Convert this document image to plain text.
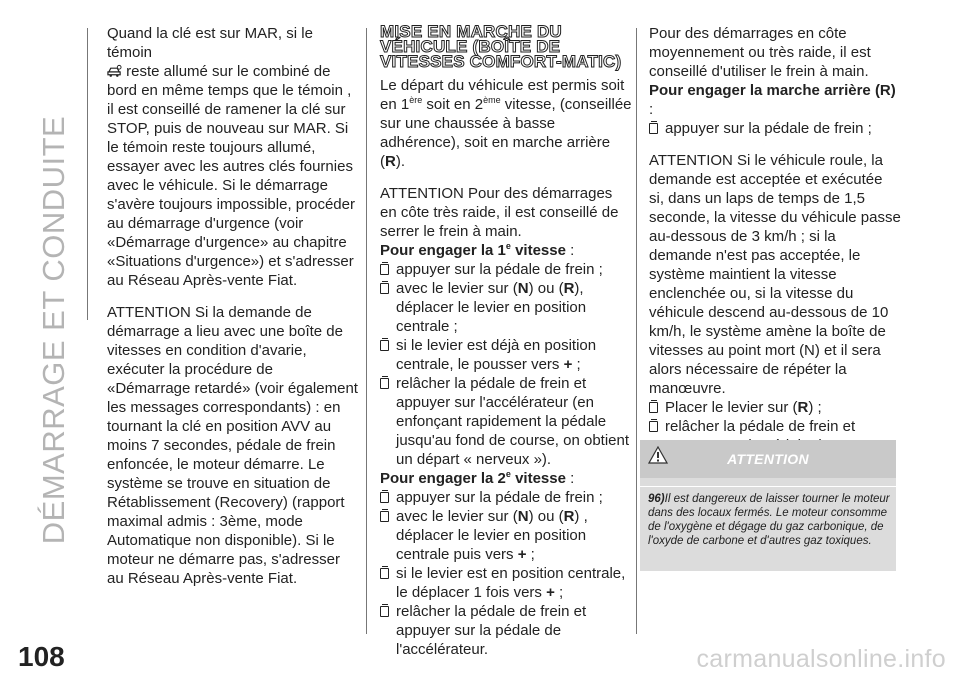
DÉMARRAGE ET CONDUITE
108

Quand la clé est sur MAR, si le témoin
reste allumé sur le combiné de bord en même temps que le témoin , il est conseillé de ramener la clé sur STOP, puis de nouveau sur MAR. Si le témoin reste toujours allumé, essayer avec les autres clés fournies avec le véhicule. Si le démarrage s'avère toujours impossible, procéder au démarrage d'urgence (voir «Démarrage d'urgence» au chapitre «Situations d'urgence») et s'adresser au Réseau Après-vente Fiat.

ATTENTION Si la demande de démarrage a lieu avec une boîte de vitesses en condition d'avarie, exécuter la procédure de «Démarrage retardé» (voir également les messages correspondants) : en tournant la clé en position AVV au moins 7 secondes, pédale de frein enfoncée, le moteur démarre. Le système se trouve en situation de Rétablissement (Recovery) (rapport maximal admis : 3ème, mode Automatique non disponible). Si le moteur ne démarre pas, s'adresser au Réseau Après-vente Fiat.

MISE EN MARCHE DU VÉHICULE (BOÎTE DE VITESSES COMFORT-MATIC)

Le départ du véhicule est permis soit en 1ère soit en 2ème vitesse, (conseillée sur une chaussée à basse adhérence), soit en marche arrière (R).

ATTENTION Pour des démarrages en côte très raide, il est conseillé de serrer le frein à main.

Pour engager la 1e vitesse :

appuyer sur la pédale de frein ;

avec le levier sur (N) ou (R), déplacer le levier en position centrale ;

si le levier est déjà en position centrale, le pousser vers + ;

relâcher la pédale de frein et appuyer sur l'accélérateur (en enfonçant rapidement la pédale jusqu'au fond de course, on obtient un départ « nerveux »).

Pour engager la 2e vitesse :

appuyer sur la pédale de frein ;

avec le levier sur (N) ou (R) , déplacer le levier en position centrale puis vers + ;

si le levier est en position centrale, le déplacer 1 fois vers + ;

relâcher la pédale de frein et appuyer sur la pédale de l'accélérateur.

Pour des démarrages en côte moyennement ou très raide, il est conseillé d'utiliser le frein à main.

Pour engager la marche arrière (R) :

appuyer sur la pédale de frein ;

ATTENTION Si le véhicule roule, la demande est acceptée et exécutée si, dans un laps de temps de 1,5 seconde, la vitesse du véhicule passe au-dessous de 3 km/h ; si la demande n'est pas acceptée, le système maintient la vitesse enclenchée ou, si la vitesse du véhicule descend au-dessous de 10 km/h, le système amène la boîte de vitesses au point mort (N) et il sera alors nécessaire de répéter la manœuvre.

Placer le levier sur (R) ;

relâcher la pédale de frein et

ATTENTION
96)Il est dangereux de laisser tourner le moteur dans des locaux fermés. Le moteur consomme de l'oxygène et dégage du gaz carbonique, de l'oxyde de carbone et d'autres gaz toxiques.
carmanualsonline.info
